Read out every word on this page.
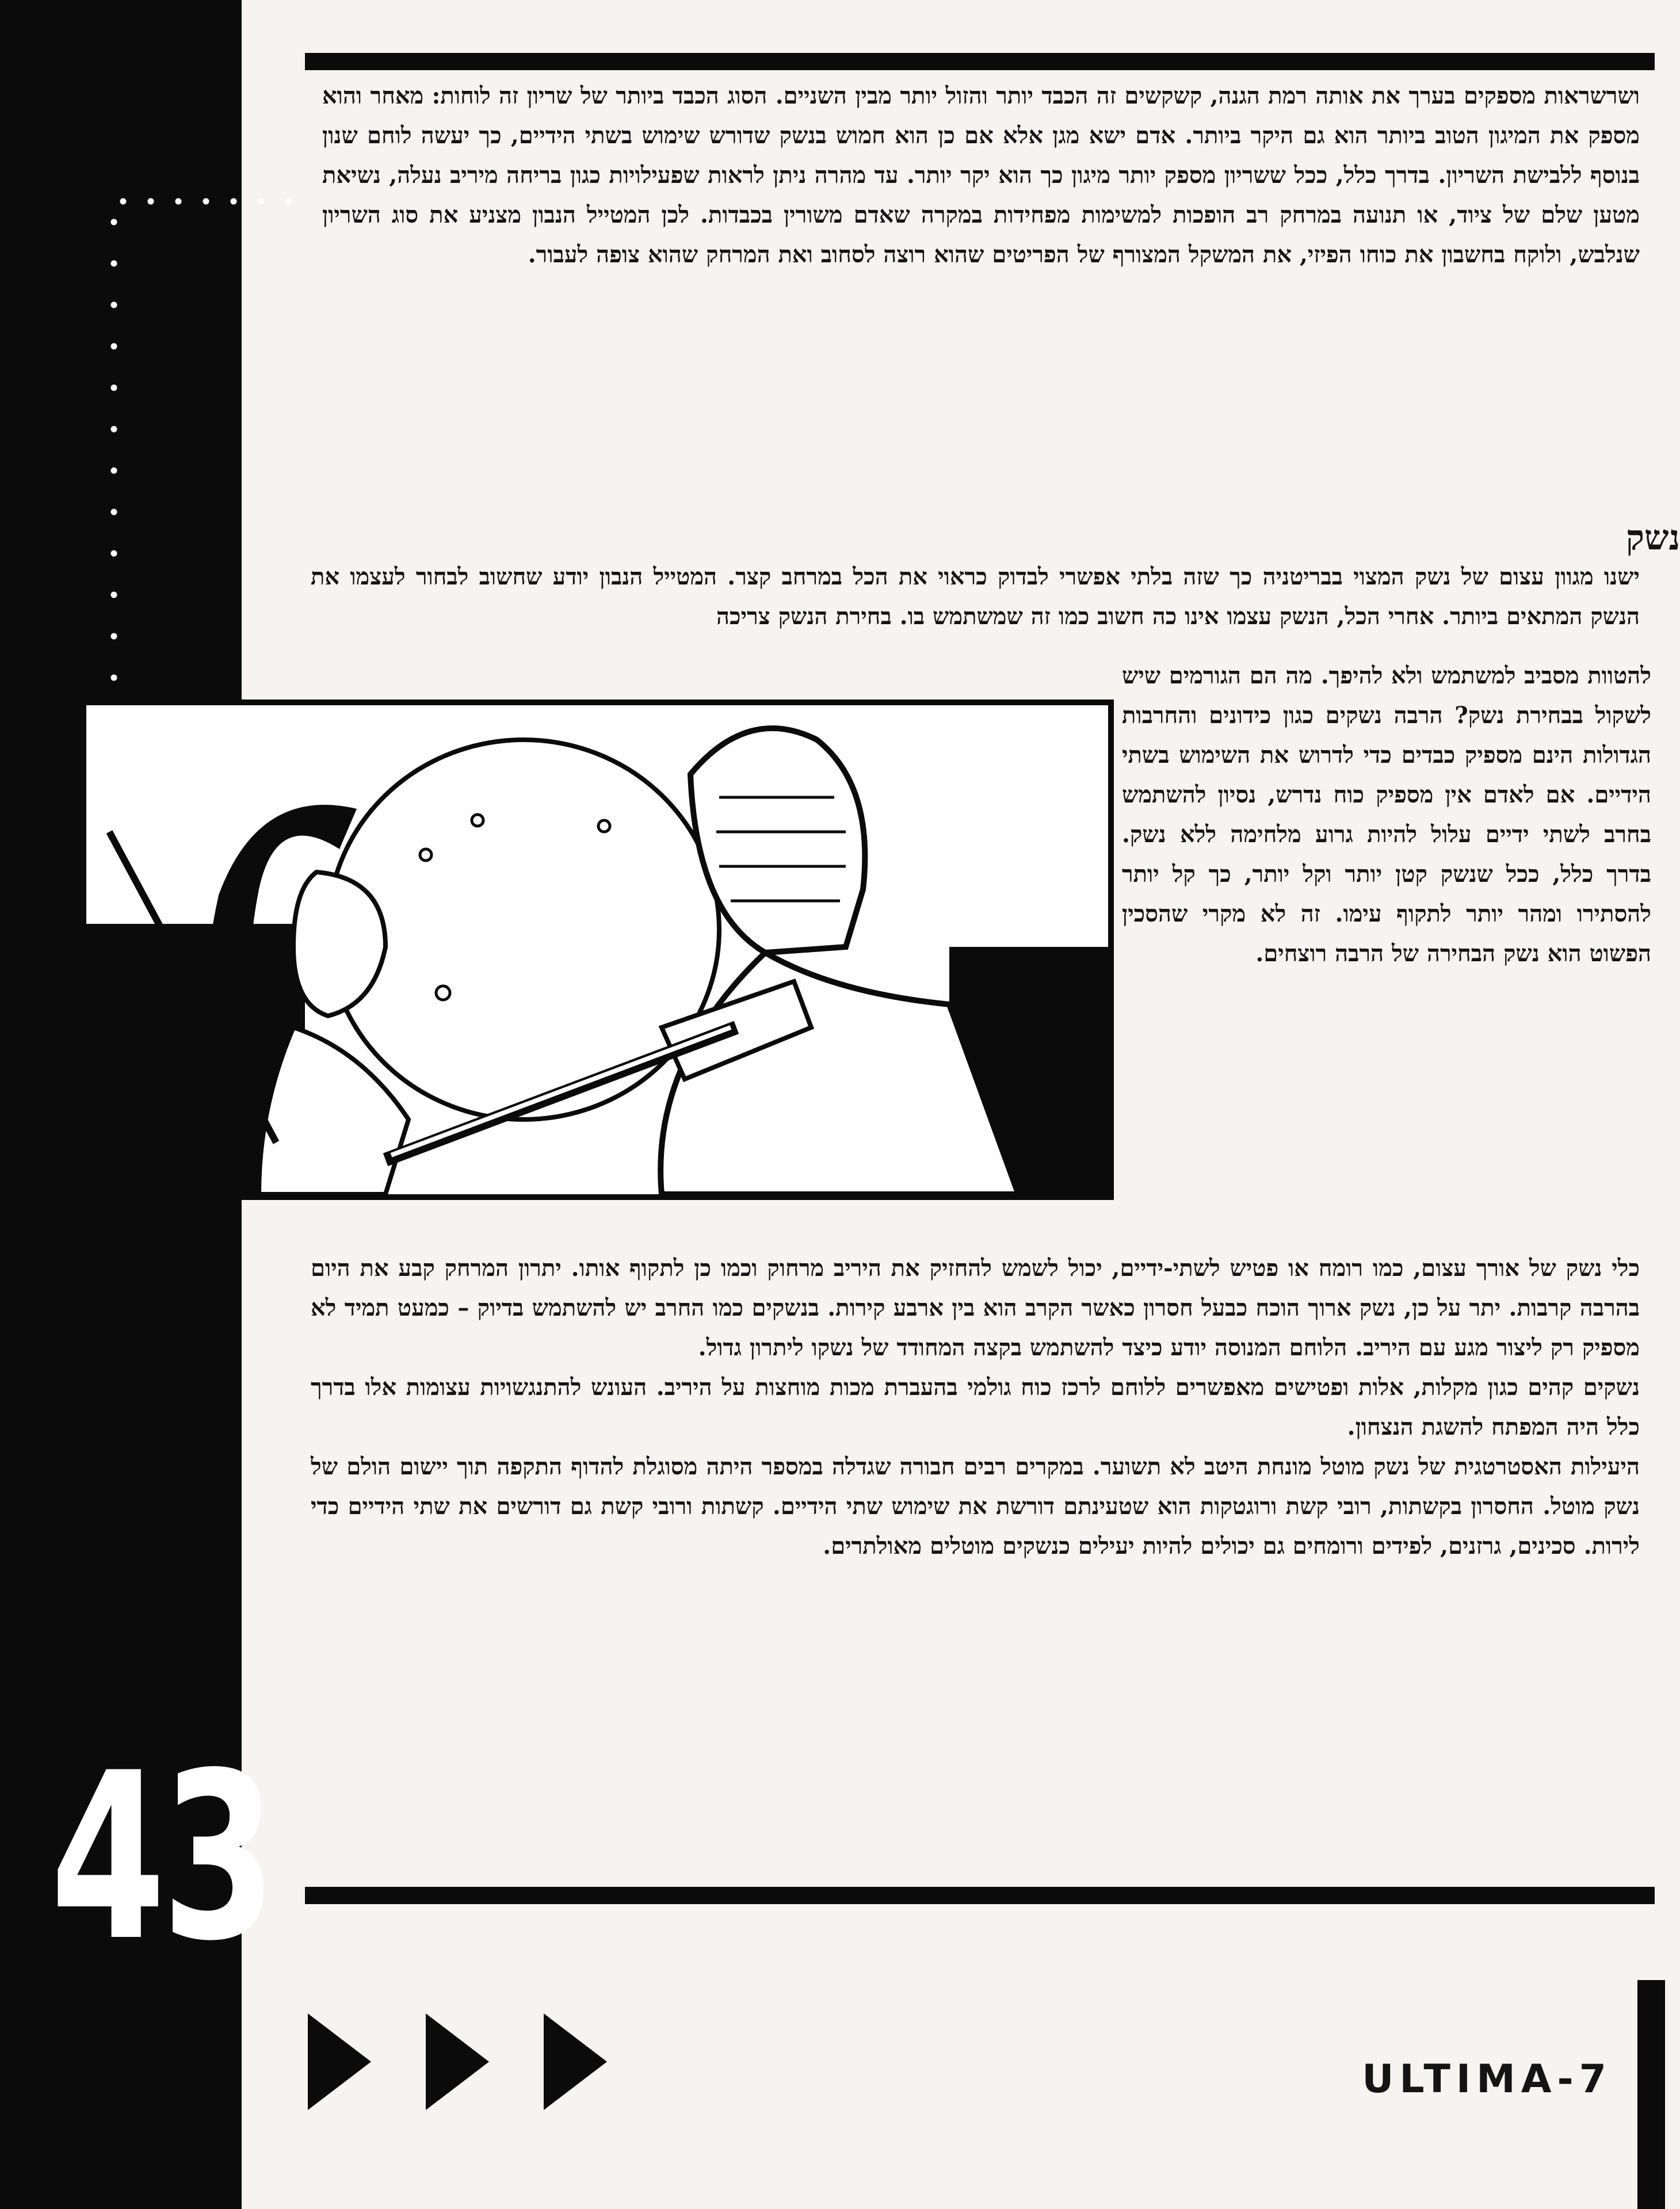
43
ושרשראות מספקים בערך את אותה רמת הגנה, קשקשים זה הכבד יותר והזול יותר מבין השניים. הסוג הכבד ביותר של שריון זה לוחות: מאחר והוא מספק את המיגון הטוב ביותר הוא גם היקר ביותר. אדם ישא מגן אלא אם כן הוא חמוש בנשק שדורש שימוש בשתי הידיים, כך יעשה לוחם שנון בנוסף ללבישת השריון. בדרך כלל, ככל ששריון מספק יותר מיגון כך הוא יקר יותר. עד מהרה ניתן לראות שפעילויות כגון בריחה מיריב נעלה, נשיאת מטען שלם של ציוד, או תנועה במרחק רב הופכות למשימות מפחידות במקרה שאדם משורין בכבדות. לכן המטייל הנבון מצניע את סוג השריון שנלבש, ולוקח בחשבון את כוחו הפיזי, את המשקל המצורף של הפריטים שהוא רוצה לסחוב ואת המרחק שהוא צופה לעבור.
נשק
ישנו מגוון עצום של נשק המצוי בבריטניה כך שזה בלתי אפשרי לבדוק כראוי את הכל במרחב קצר. המטייל הנבון יודע שחשוב לבחור לעצמו את הנשק המתאים ביותר. אחרי הכל, הנשק עצמו אינו כה חשוב כמו זה שמשתמש בו. בחירת הנשק צריכה
להטוות מסביב למשתמש ולא להיפך. מה הם הגורמים שיש לשקול בבחירת נשק? הרבה נשקים כגון כידונים והחרבות הגדולות הינם מספיק כבדים כדי לדרוש את השימוש בשתי הידיים. אם לאדם אין מספיק כוח נדרש, נסיון להשתמש בחרב לשתי ידיים עלול להיות גרוע מלחימה ללא נשק. בדרך כלל, ככל שנשק קטן יותר וקל יותר, כך קל יותר להסתירו ומהר יותר לתקוף עימו. זה לא מקרי שהסכין הפשוט הוא נשק הבחירה של הרבה רוצחים.
כלי נשק של אורך עצום, כמו רומח או פטיש לשתי-ידיים, יכול לשמש להחזיק את היריב מרחוק וכמו כן לתקוף אותו. יתרון המרחק קבע את היום בהרבה קרבות. יתר על כן, נשק ארוך הוכח כבעל חסרון כאשר הקרב הוא בין ארבע קירות. בנשקים כמו החרב יש להשתמש בדיוק – כמעט תמיד לא מספיק רק ליצור מגע עם היריב. הלוחם המנוסה יודע כיצד להשתמש בקצה המחודד של נשקו ליתרון גדול.
נשקים קהים כגון מקלות, אלות ופטישים מאפשרים ללוחם לרכז כוח גולמי בהעברת מכות מוחצות על היריב. העונש להתנגשויות עצומות אלו בדרך כלל היה המפתח להשגת הנצחון.
היעילות האסטרטגית של נשק מוטל מונחת היטב לא תשוער. במקרים רבים חבורה שגדלה במספר היתה מסוגלת להדוף התקפה תוך יישום הולם של נשק מוטל. החסרון בקשתות, רובי קשת ורוגטקות הוא שטעינתם דורשת את שימוש שתי הידיים. קשתות ורובי קשת גם דורשים את שתי הידיים כדי לירות. סכינים, גרזנים, לפידים ורומחים גם יכולים להיות יעילים כנשקים מוטלים מאולתרים.
ULTIMA-7
